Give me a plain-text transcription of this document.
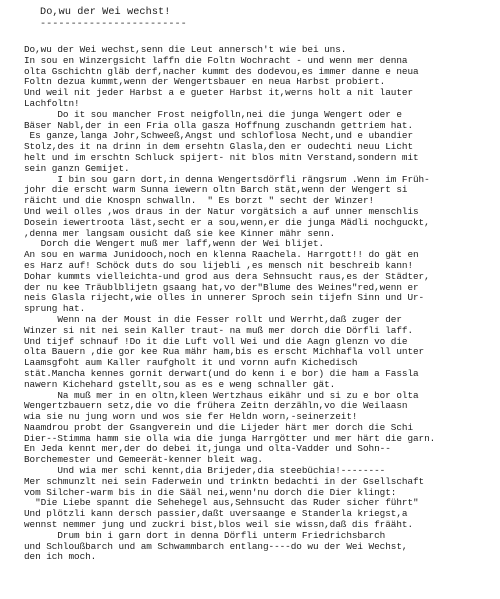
Do,wu der Wei wechst!
------------------------
Do,wu der Wei wechst,senn die Leut annersch't wie bei uns.
In sou en Winzergsicht laffn die Foltn Wochracht - und wenn mer denna
olta Gschichtn gläb derf,nacher kummt des dodevou,es immer danne e neua
Foltn dezua kummt,wenn der Wengertsbauer en neua Harbst probiert.
Und weil nit jeder Harbst a e gueter Harbst it,werns holt a nit lauter
Lachfoltn!
Do it sou mancher Frost neigfolln,nei die junga Wengert oder e
Bäser Nabl,der in een Fria olla gasza Hoffnung zuschandn gettriem hat.
Es ganze,langa Johr,Schweeß,Angst und schloflosa Necht,und e ubandier
Stolz,des it na drinn in dem ersehtn Glasla,den er oudechti neuu Licht
helt und im erschtn Schluck spijert- nit blos mitn Verstand,sondern mit
sein ganzn Gemijet.
I bin sou garn dort,in denna Wengertsdörfli rängsrum .Wenn im Früh-
johr die erscht warm Sunna iewern oltn Barch stät,wenn der Wengert si
räicht und die Knospn schwalln.  " Es borzt " secht der Winzer!
Und weil olles ,wos draus in der Natur vorgätsich a auf unner menschlis
Dosein iewertroota läst,secht er a sou,wenn,er die junga Mädli nochguckt,
,denna mer langsam ousicht daß sie kee Kinner mähr senn.
Dorch die Wengert muß mer laff,wenn der Wei blijet.
An sou en warma Junidooch,noch en klenna Raachela. Harrgott!! do gät en
es Harz auf! Schöck duts do sou lijebli ,es mensch nit beschreib kann!
Dohar kummts vielleichta-und grod aus dera Sehnsucht raus,es der Städter,
der nu kee Träublblijetn gsaang hat,vo der"Blume des Weines"red,wenn er
neis Glasla rijecht,wie olles in unnerer Sproch sein tijefn Sinn und Ur-
sprung hat.
Wenn na der Moust in die Fesser rollt und Werrht,daß zuger der
Winzer si nit nei sein Kaller traut- na muß mer dorch die Dörfli laff.
Und tijef schnauf !Do it die Luft voll Wei und die Aagn glenzn vo die
olta Bauern ,die gor kee Rua mähr ham,bis es erscht Michhafla voll unter
Laamsgfoht aum Kaller raufgholt it und vornn aufn Kichedisch
stät.Mancha kennes gornit derwart(und do kenn i e bor) die ham a Fassla
nawern Kichehard gstellt,sou as es e weng schnaller gät.
Na muß mer in en oltn,kleen Wertzhaus eikähr und si zu e bor olta
Wengertzbauern setz,die vo die frühera Zeitn derzähln,vo die Weilaasn
wia sie nu jung worn und wos sie fer Heldn worn,-seinerzeit!
Naamdrou probt der Gsangverein und die Lijeder härt mer dorch die Schi
Dier--Stimma hamm sie olla wia die junga Harrgötter und mer härt die garn.
En Jeda kennt mer,der do debei it,junga und olta-Vadder und Sohn--
Borchemester und Gemeerät-kenner bleit wag.
Und wia mer schi kennt,dia Brijeder,dia steebüchia!--------
Mer schmunzlt nei sein Faderwein und trinktn bedachti in der Gsellschaft
vom Silcher-warm bis in die Sääl nei,wenn'nu dorch die Dier klingt:
"Die Liebe spannt die Sehehegel aus,Sehnsucht das Ruder sicher führt"
Und plötzli kann dersch passier,daßt uversaange e Standerla kriegst,a
wennst nemmer jung und zuckri bist,blos weil sie wissn,daß dis frääht.
Drum bin i garn dort in denna Dörfli unterm Friedrichsbarch
und Schloußbarch und am Schwammbarch entlang----do wu der Wei Wechst,
den ich moch.
